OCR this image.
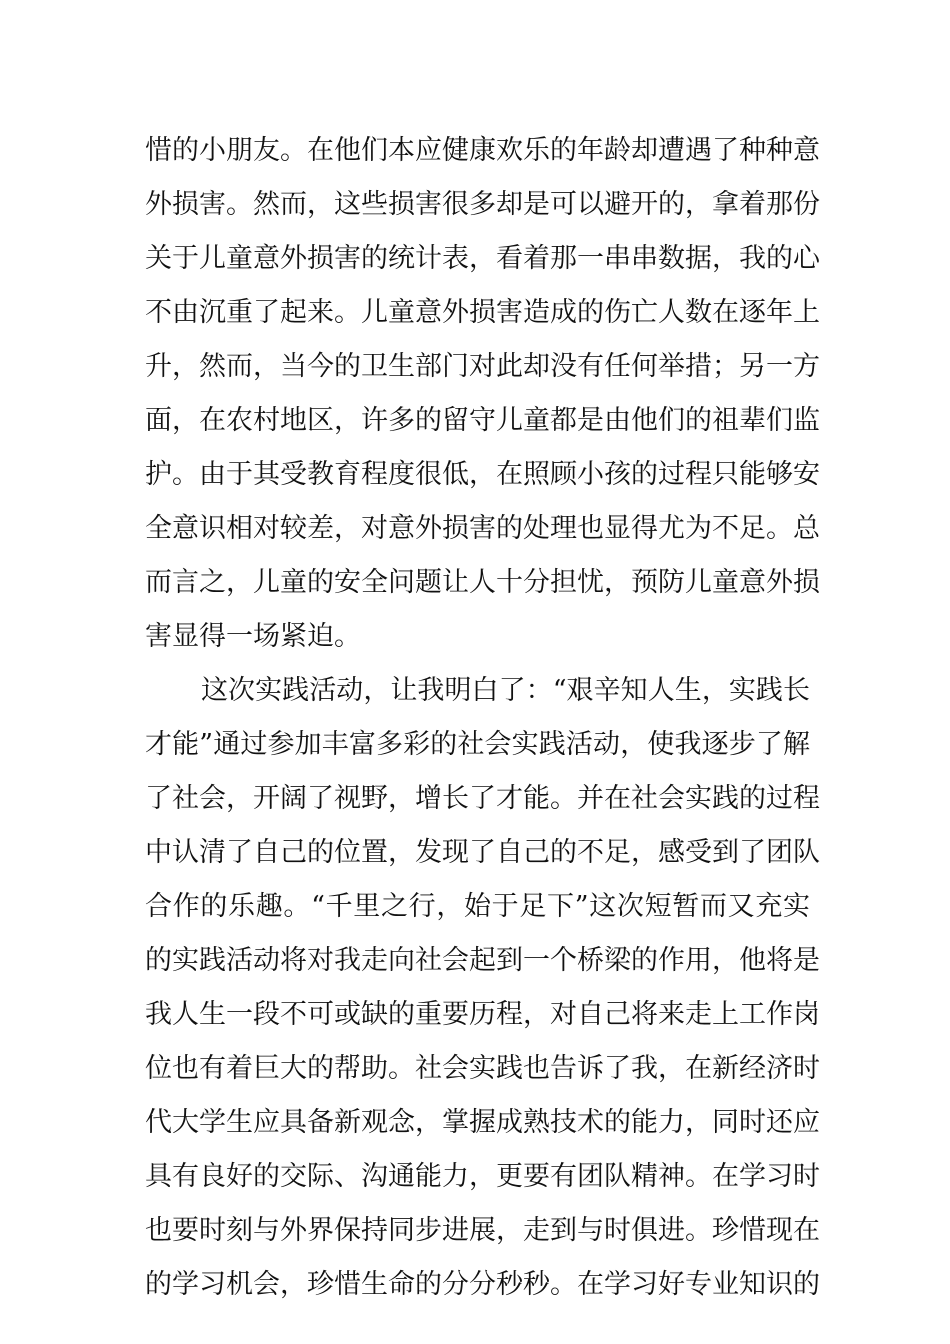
惜的小朋友。在他们本应健康欢乐的年龄却遭遇了种种意
外损害。然而，这些损害很多却是可以避开的，拿着那份
关于儿童意外损害的统计表，看着那一串串数据，我的心
不由沉重了起来。儿童意外损害造成的伤亡人数在逐年上
升，然而，当今的卫生部门对此却没有任何举措；另一方
面，在农村地区，许多的留守儿童都是由他们的祖辈们监
护。由于其受教育程度很低，在照顾小孩的过程只能够安
全意识相对较差，对意外损害的处理也显得尤为不足。总
而言之，儿童的安全问题让人十分担忧，预防儿童意外损
害显得一场紧迫。
这次实践活动，让我明白了：“艰辛知人生，实践长
才能”通过参加丰富多彩的社会实践活动，使我逐步了解
了社会，开阔了视野，增长了才能。并在社会实践的过程
中认清了自己的位置，发现了自己的不足，感受到了团队
合作的乐趣。“千里之行，始于足下”这次短暂而又充实
的实践活动将对我走向社会起到一个桥梁的作用，他将是
我人生一段不可或缺的重要历程，对自己将来走上工作岗
位也有着巨大的帮助。社会实践也告诉了我，在新经济时
代大学生应具备新观念，掌握成熟技术的能力，同时还应
具有良好的交际、沟通能力，更要有团队精神。在学习时
也要时刻与外界保持同步进展，走到与时俱进。珍惜现在
的学习机会，珍惜生命的分分秒秒。在学习好专业知识的
